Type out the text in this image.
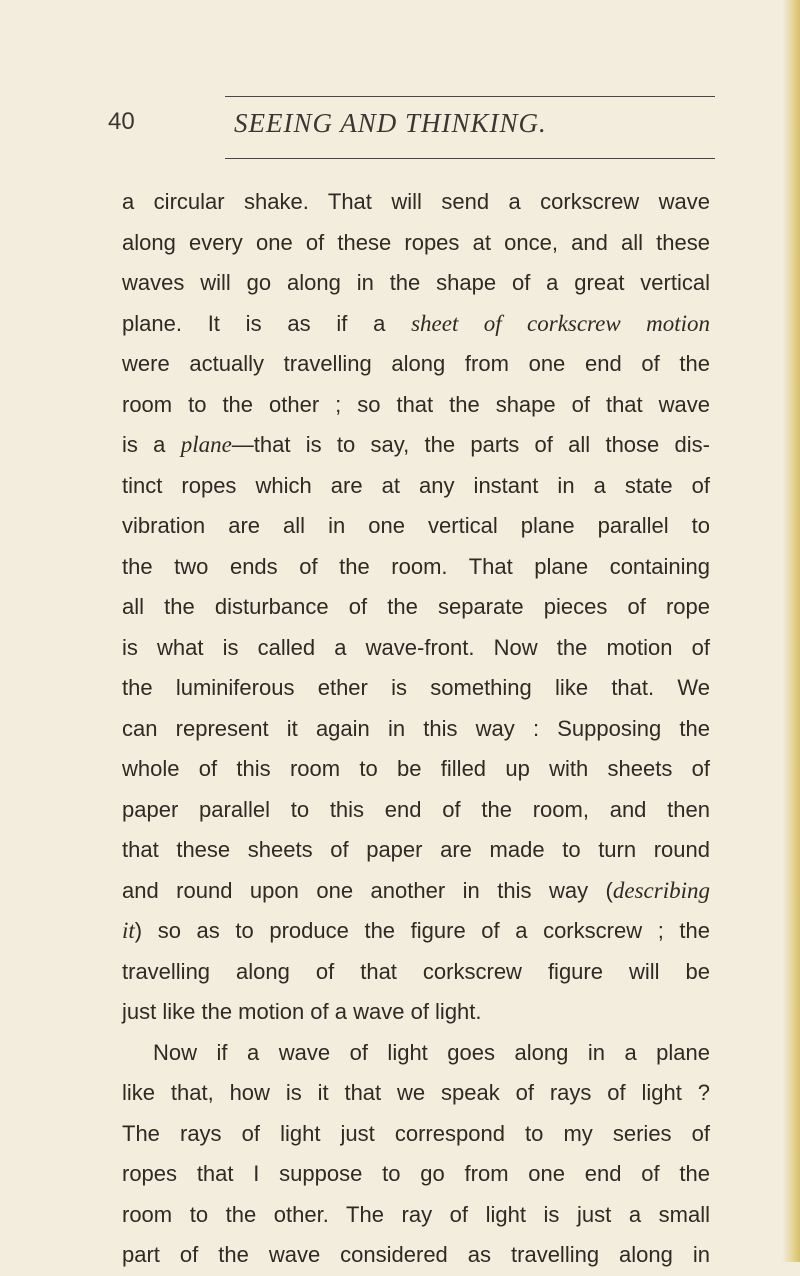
40	SEEING AND THINKING.
a circular shake. That will send a corkscrew wave
along every one of these ropes at once, and all these
waves will go along in the shape of a great vertical
plane. It is as if a sheet of corkscrew motion
were actually travelling along from one end of the
room to the other ; so that the shape of that wave
is a plane—that is to say, the parts of all those dis-
tinct ropes which are at any instant in a state of
vibration are all in one vertical plane parallel to
the two ends of the room. That plane containing
all the disturbance of the separate pieces of rope
is what is called a wave-front. Now the motion of
the luminiferous ether is something like that. We
can represent it again in this way : Supposing the
whole of this room to be filled up with sheets of
paper parallel to this end of the room, and then
that these sheets of paper are made to turn round
and round upon one another in this way (describing
it) so as to produce the figure of a corkscrew ; the
travelling along of that corkscrew figure will be
just like the motion of a wave of light.
Now if a wave of light goes along in a plane
like that, how is it that we speak of rays of light ?
The rays of light just correspond to my series of
ropes that I suppose to go from one end of the
room to the other. The ray of light is just a small
part of the wave considered as travelling along in
